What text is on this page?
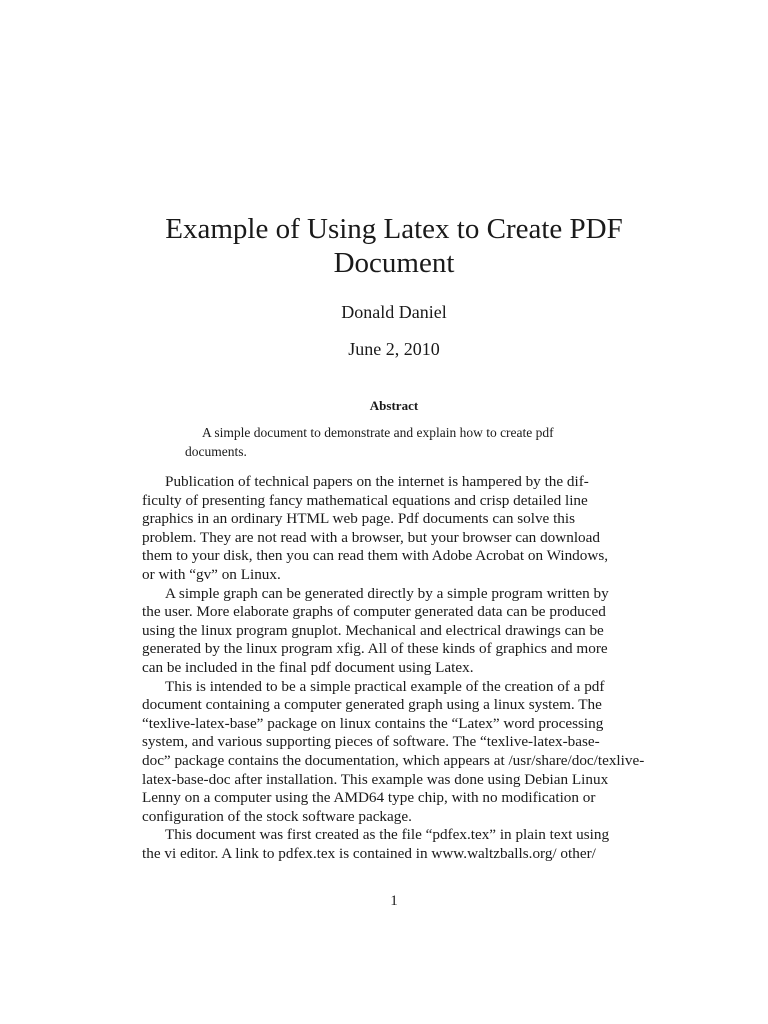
Example of Using Latex to Create PDF
Document
Donald Daniel
June 2, 2010
Abstract
A simple document to demonstrate and explain how to create pdf
documents.
Publication of technical papers on the internet is hampered by the dif-
ficulty of presenting fancy mathematical equations and crisp detailed line
graphics in an ordinary HTML web page. Pdf documents can solve this
problem. They are not read with a browser, but your browser can download
them to your disk, then you can read them with Adobe Acrobat on Windows,
or with “gv” on Linux.
A simple graph can be generated directly by a simple program written by
the user. More elaborate graphs of computer generated data can be produced
using the linux program gnuplot. Mechanical and electrical drawings can be
generated by the linux program xfig. All of these kinds of graphics and more
can be included in the final pdf document using Latex.
This is intended to be a simple practical example of the creation of a pdf
document containing a computer generated graph using a linux system. The
“texlive-latex-base” package on linux contains the “Latex” word processing
system, and various supporting pieces of software. The “texlive-latex-base-
doc” package contains the documentation, which appears at /usr/share/doc/texlive-
latex-base-doc after installation. This example was done using Debian Linux
Lenny on a computer using the AMD64 type chip, with no modification or
configuration of the stock software package.
This document was first created as the file “pdfex.tex” in plain text using
the vi editor. A link to pdfex.tex is contained in www.waltzballs.org/ other/
1
